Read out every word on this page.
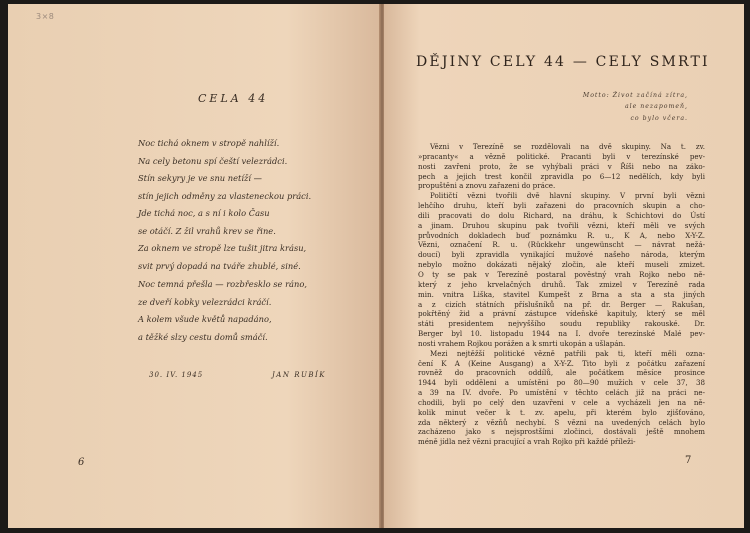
3×8
CELA 44
Noc tichá oknem v stropě nahlíží.
Na cely betonu spí čeští velezrádci.
Stín sekyry je ve snu netíží —
stín jejich odměny za vlasteneckou práci.
Jde tichá noc, a s ní i kolo Času
se otáčí. Z žil vrahů krev se řine.
Za oknem ve stropě lze tušit jitra krásu,
svit prvý dopadá na tváře zhublé, siné.
Noc temná přešla — rozbřesklo se ráno,
ze dveří kobky velezrádci kráčí.
A kolem všude květů napadáno,
a těžké slzy cestu domů smáčí.
30. IV. 1945	JAN RUBÍK
6
DĚJINY CELY 44 — CELY SMRTI
Motto: Život začíná zítra,
ale nezapomeň,
co bylo včera.
Vězni v Terezíně se rozdělovali na dvě skupiny. Na t. zv.
»pracanty« a vězně politické. Pracanti byli v terezínské pev-
nosti zavřeni proto, že se vyhýbali práci v Říši nebo na záko-
pech a jejich trest končil zpravidla po 6—12 nedělích, kdy byli
propuštěni a znovu zařazeni do práce.
Političtí vězni tvořili dvě hlavní skupiny. V první byli vězni
lehčího druhu, kteří byli zařazeni do pracovních skupin a cho-
dili pracovati do dolu Richard, na dráhu, k Schichtovi do Ústí
a jinam. Druhou skupinu pak tvořili vězni, kteří měli ve svých
průvodních dokladech buď poznámku R. u., K A, nebo X-Y-Z.
Vězni, označení R. u. (Rückkehr ungewünscht — návrat nežá-
doucí) byli zpravidla vynikající mužové našeho národa, kterým
nebylo možno dokázati nějaký zločin, ale kteří museli zmizet.
O ty se pak v Terezíně postaral pověstný vrah Rojko nebo ně-
který z jeho krvelačných druhů. Tak zmizel v Terezíně rada
min. vnitra Liška, stavitel Kumpešt z Brna a sta a sta jiných
a z cizích státních příslušníků na př. dr. Berger — Rakušan,
pokřtěný žid a právní zástupce vídeňské kapituly, který se měl
státi presidentem nejvyššího soudu republiky rakouské. Dr.
Berger byl 10. listopadu 1944 na I. dvoře terezínské Malé pev-
nosti vrahem Rojkou porážen a k smrti ukopán a ušlapán.
Mezi nejtěžší politické vězně patřili pak ti, kteří měli ozna-
čení K A (Keine Ausgang) a X-Y-Z. Tito byli z počátku zařazení
rovněž do pracovních oddílů, ale počátkem měsíce prosince
1944 byli odděleni a umístěni po 80—90 mužích v cele 37, 38
a 39 na IV. dvoře. Po umístění v těchto celách již na práci ne-
chodili, byli po celý den uzavřeni v cele a vycházeli jen na ně-
kolik minut večer k t. zv. apelu, při kterém bylo zjišťováno,
zda některý z vězňů nechybí. S vězni na uvedených celách bylo
zacházeno jako s nejsprostšími zločinci, dostávali ještě mnohem
méně jídla než vězni pracující a vrah Rojko při každé příleži-
7
